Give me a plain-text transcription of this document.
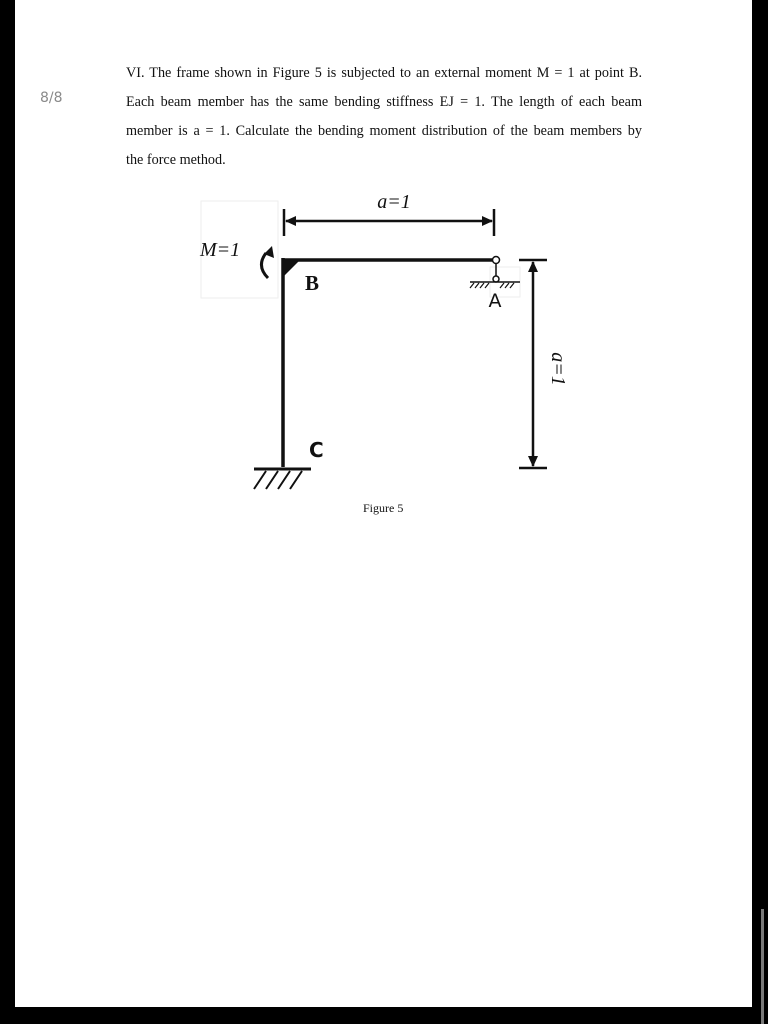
8/8
VI. The frame shown in Figure 5 is subjected to an external moment M = 1 at point B.
Each beam member has the same bending stiffness EJ = 1. The length of each beam
member is a = 1. Calculate the bending moment distribution of the beam members by
the force method.
a=1
M=1
B
A
a=1
C
Figure 5
